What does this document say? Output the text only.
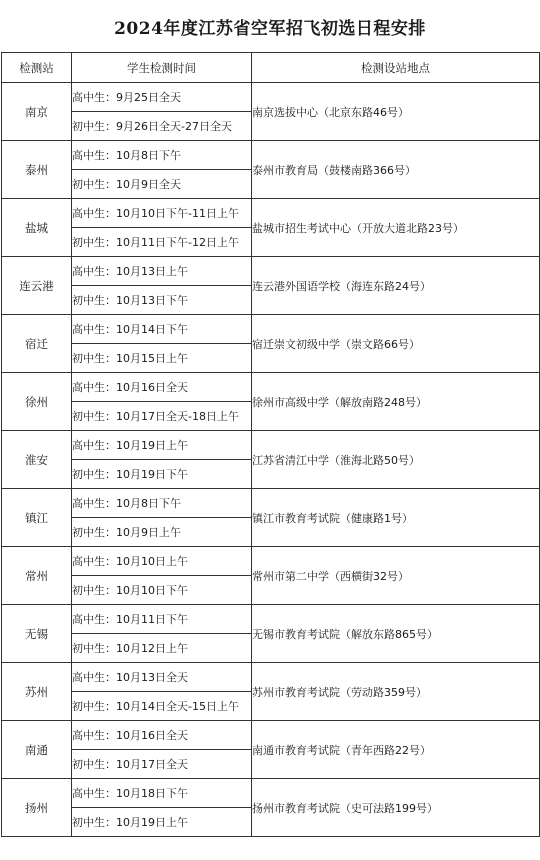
2024年度江苏省空军招飞初选日程安排
检测站	学生检测时间	检测设站地点
南京	高中生：9月25日全天	南京选拔中心（北京东路46号）
	初中生：9月26日全天-27日全天	
泰州	高中生：10月8日下午	泰州市教育局（鼓楼南路366号）
	初中生：10月9日全天	
盐城	高中生：10月10日下午-11日上午	盐城市招生考试中心（开放大道北路23号）
	初中生：10月11日下午-12日上午	
连云港	高中生：10月13日上午	连云港外国语学校（海连东路24号）
	初中生：10月13日下午	
宿迁	高中生：10月14日下午	宿迁崇文初级中学（崇文路66号）
	初中生：10月15日上午	
徐州	高中生：10月16日全天	徐州市高级中学（解放南路248号）
	初中生：10月17日全天-18日上午	
淮安	高中生：10月19日上午	江苏省清江中学（淮海北路50号）
	初中生：10月19日下午	
镇江	高中生：10月8日下午	镇江市教育考试院（健康路1号）
	初中生：10月9日上午	
常州	高中生：10月10日上午	常州市第二中学（西横街32号）
	初中生：10月10日下午	
无锡	高中生：10月11日下午	无锡市教育考试院（解放东路865号）
	初中生：10月12日上午	
苏州	高中生：10月13日全天	苏州市教育考试院（劳动路359号）
	初中生：10月14日全天-15日上午	
南通	高中生：10月16日全天	南通市教育考试院（青年西路22号）
	初中生：10月17日全天	
扬州	高中生：10月18日下午	扬州市教育考试院（史可法路199号）
	初中生：10月19日上午	
